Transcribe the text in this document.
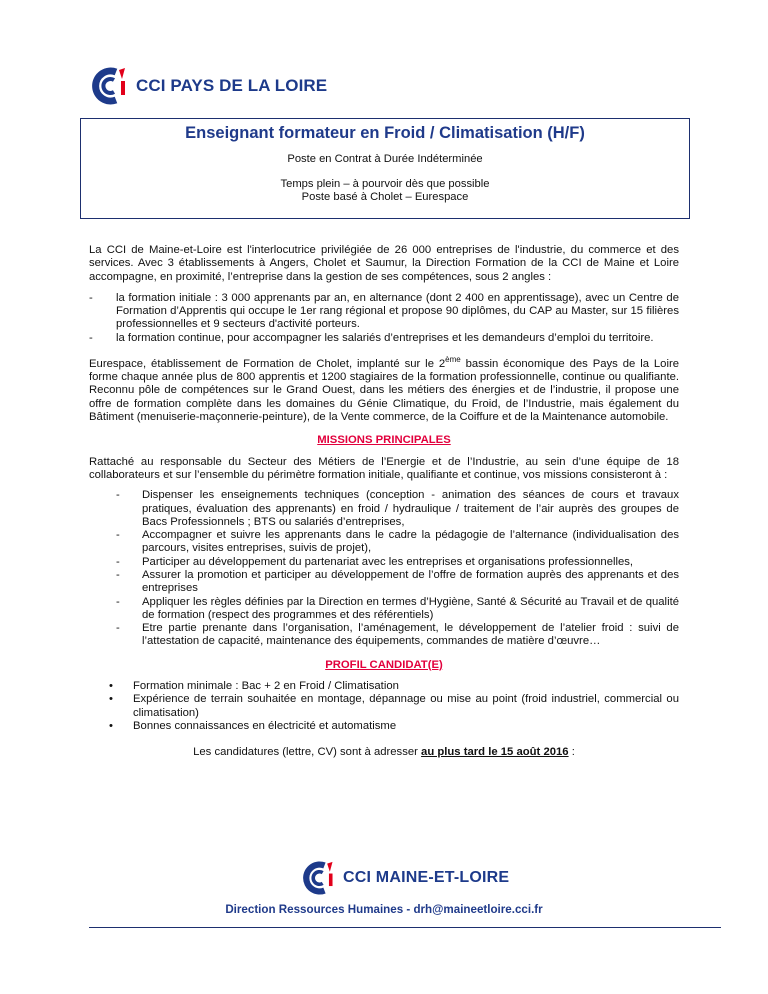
CCI PAYS DE LA LOIRE
Enseignant formateur en Froid / Climatisation (H/F)
Poste en Contrat à Durée Indéterminée
Temps plein – à pourvoir dès que possible
Poste basé à Cholet – Eurespace

La CCI de Maine-et-Loire est l'interlocutrice privilégiée de 26 000 entreprises de l'industrie, du commerce et des services. Avec 3 établissements à Angers, Cholet et Saumur, la Direction Formation de la CCI de Maine et Loire accompagne, en proximité, l’entreprise dans la gestion de ses compétences, sous 2 angles :

- la formation initiale : 3 000 apprenants par an, en alternance (dont 2 400 en apprentissage), avec un Centre de Formation d’Apprentis qui occupe le 1er rang régional et propose 90 diplômes, du CAP au Master, sur 15 filières professionnelles et 9 secteurs d'activité porteurs.
- la formation continue, pour accompagner les salariés d’entreprises et les demandeurs d’emploi du territoire.

Eurespace, établissement de Formation de Cholet, implanté sur le 2ème bassin économique des Pays de la Loire forme chaque année plus de 800 apprentis et 1200 stagiaires de la formation professionnelle, continue ou qualifiante. Reconnu pôle de compétences sur le Grand Ouest, dans les métiers des énergies et de l’industrie, il propose une offre de formation complète dans les domaines du Génie Climatique, du Froid, de l’Industrie, mais également du Bâtiment (menuiserie-maçonnerie-peinture), de la Vente commerce, de la Coiffure et de la Maintenance automobile.

MISSIONS PRINCIPALES

Rattaché au responsable du Secteur des Métiers de l’Energie et de l’Industrie, au sein d’une équipe de 18 collaborateurs et sur l’ensemble du périmètre formation initiale, qualifiante et continue, vos missions consisteront à :

- Dispenser les enseignements techniques (conception - animation des séances de cours et travaux pratiques, évaluation des apprenants) en froid / hydraulique / traitement de l’air auprès des groupes de Bacs Professionnels ; BTS ou salariés d’entreprises,
- Accompagner et suivre les apprenants dans le cadre la pédagogie de l’alternance (individualisation des parcours, visites entreprises, suivis de projet),
- Participer au développement du partenariat avec les entreprises et organisations professionnelles,
- Assurer la promotion et participer au développement de l’offre de formation auprès des apprenants et des entreprises
- Appliquer les règles définies par la Direction en termes d’Hygiène, Santé & Sécurité au Travail et de qualité de formation (respect des programmes et des référentiels)
- Etre partie prenante dans l’organisation, l’aménagement, le développement de l’atelier froid : suivi de l’attestation de capacité, maintenance des équipements, commandes de matière d’œuvre…
PROFIL CANDIDAT(E)
• Formation minimale : Bac + 2 en Froid / Climatisation
• Expérience de terrain souhaitée en montage, dépannage ou mise au point (froid industriel, commercial ou climatisation)
• Bonnes connaissances en électricité et automatisme

Les candidatures (lettre, CV) sont à adresser au plus tard le 15 août 2016 :

CCI MAINE-ET-LOIRE
Direction Ressources Humaines - drh@maineetloire.cci.fr
